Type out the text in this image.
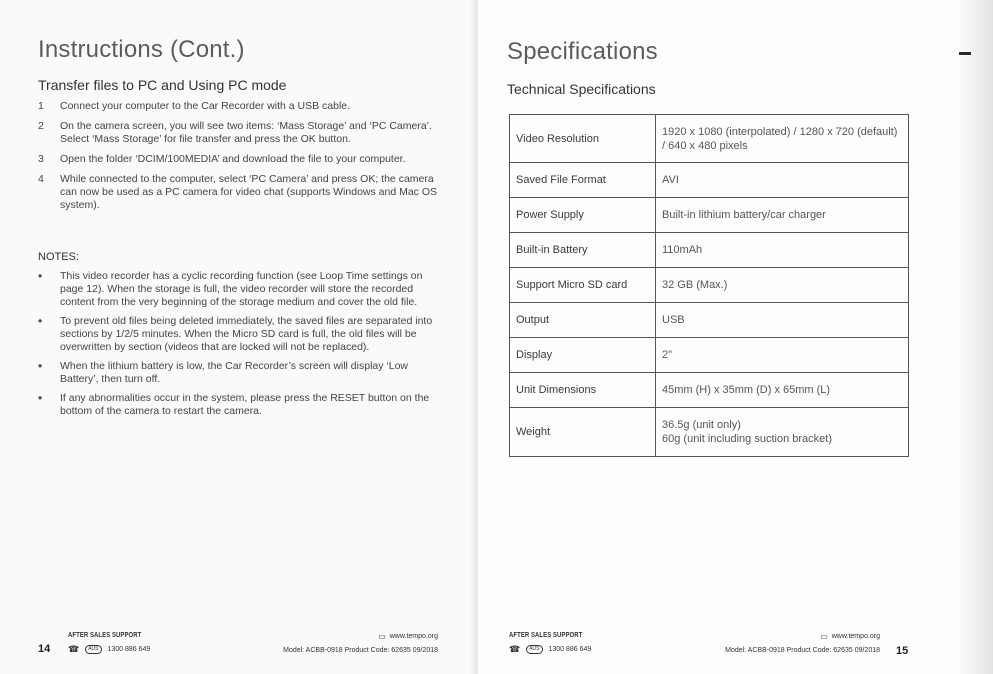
Instructions (Cont.)
Transfer files to PC and Using PC mode
1	Connect your computer to the Car Recorder with a USB cable.
2	On the camera screen, you will see two items: ‘Mass Storage’ and ‘PC Camera’. Select ‘Mass Storage’ for file transfer and press the OK button.
3	Open the folder ‘DCIM/100MEDIA’ and download the file to your computer.
4	While connected to the computer, select ‘PC Camera’ and press OK; the camera can now be used as a PC camera for video chat (supports Windows and Mac OS system).
NOTES:
•	This video recorder has a cyclic recording function (see Loop Time settings on page 12). When the storage is full, the video recorder will store the recorded content from the very beginning of the storage medium and cover the old file.
•	To prevent old files being deleted immediately, the saved files are separated into sections by 1/2/5 minutes. When the Micro SD card is full, the old files will be overwritten by section (videos that are locked will not be replaced).
•	When the lithium battery is low, the Car Recorder’s screen will display ‘Low Battery’, then turn off.
•	If any abnormalities occur in the system, please press the RESET button on the bottom of the camera to restart the camera.
14
AFTER SALES SUPPORT
☎	AUS	1300 886 649
▭ www.tempo.org
Model: ACBB-0918 Product Code: 62635 09/2018
Specifications
Technical Specifications
Video Resolution	1920 x 1080 (interpolated) / 1280 x 720 (default) / 640 x 480 pixels
Saved File Format	AVI
Power Supply	Built-in lithium battery/car charger
Built-in Battery	110mAh
Support Micro SD card	32 GB (Max.)
Output	USB
Display	2"
Unit Dimensions	45mm (H) x 35mm (D) x 65mm (L)
Weight	36.5g (unit only)
60g (unit including suction bracket)
AFTER SALES SUPPORT
☎	AUS	1300 886 649
▭ www.tempo.org
Model: ACBB-0918 Product Code: 62635 09/2018 15
